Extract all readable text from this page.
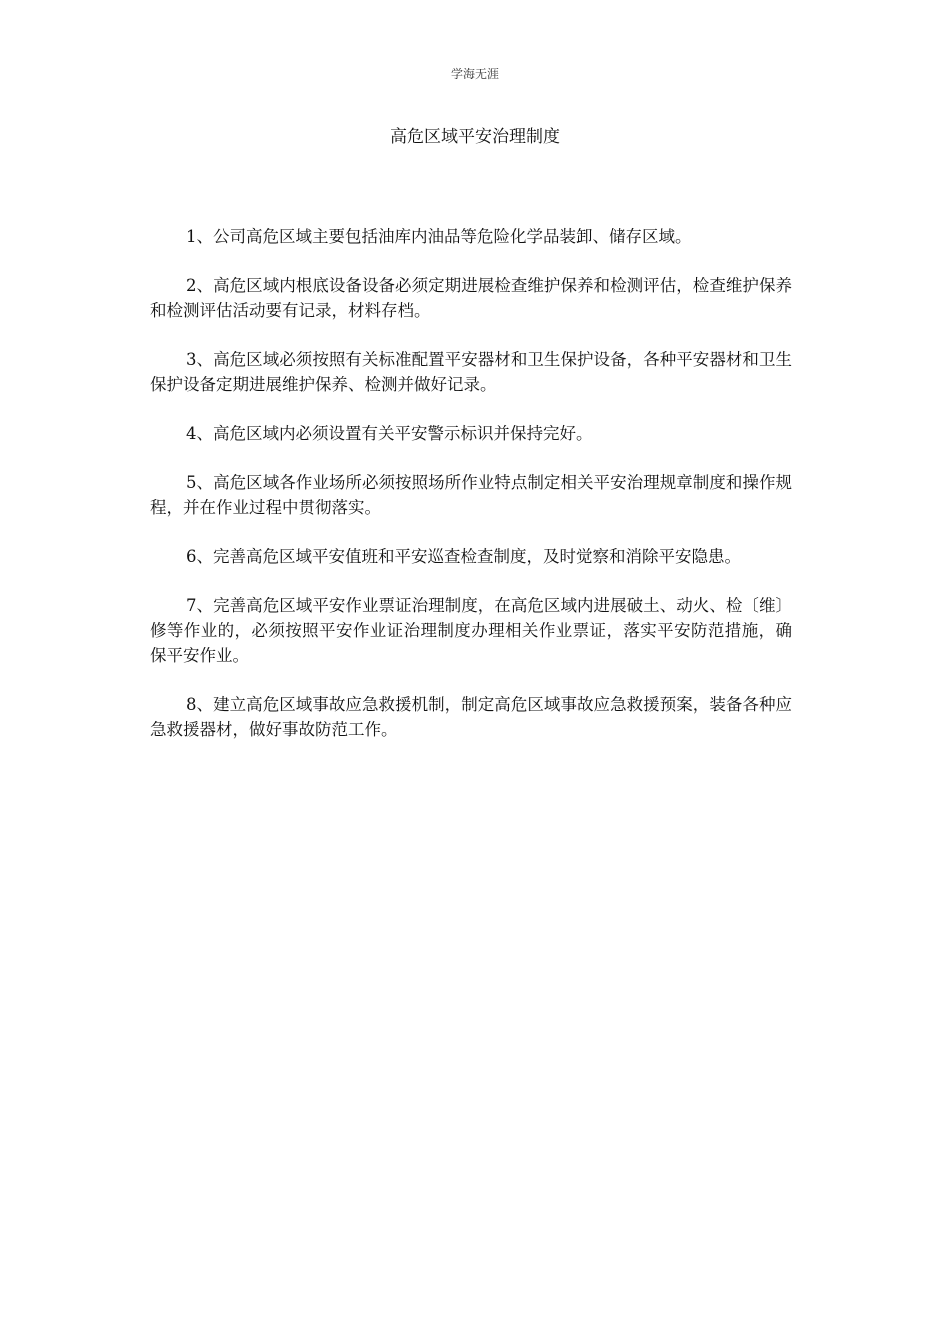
学海无涯
高危区域平安治理制度

1、公司高危区域主要包括油库内油品等危险化学品装卸、储存区域。

2、高危区域内根底设备设备必须定期进展检查维护保养和检测评估，检查维护保养和检测评估活动要有记录，材料存档。

3、高危区域必须按照有关标准配置平安器材和卫生保护设备，各种平安器材和卫生保护设备定期进展维护保养、检测并做好记录。

4、高危区域内必须设置有关平安警示标识并保持完好。

5、高危区域各作业场所必须按照场所作业特点制定相关平安治理规章制度和操作规程，并在作业过程中贯彻落实。

6、完善高危区域平安值班和平安巡查检查制度，及时觉察和消除平安隐患。

7、完善高危区域平安作业票证治理制度，在高危区域内进展破土、动火、检〔维〕修等作业的，必须按照平安作业证治理制度办理相关作业票证，落实平安防范措施，确保平安作业。

8、建立高危区域事故应急救援机制，制定高危区域事故应急救援预案，装备各种应急救援器材，做好事故防范工作。
